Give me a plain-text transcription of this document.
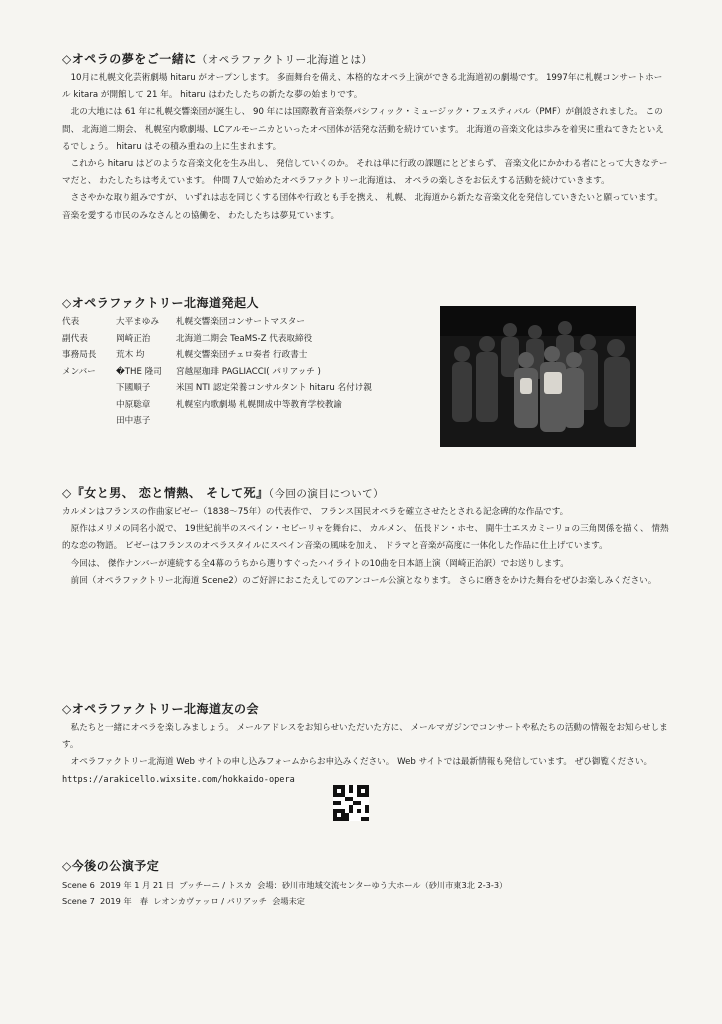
◇オペラの夢をご一緒に（オペラファクトリー北海道とは）

10月に札幌文化芸術劇場 hitaru がオープンします。 多面舞台を備え、本格的なオペラ上演ができる北海道初の劇場です。 1997年に札幌コンサートホール kitara が開館して 21 年。 hitaru はわたしたちの新たな夢の始まりです。

北の大地には 61 年に札幌交響楽団が誕生し、 90 年には国際教育音楽祭パシフィック・ミュージック・フェスティバル（PMF）が創設されました。 この間、 北海道二期会、 札幌室内歌劇場、LCアルモーニカといったオペ団体が活発な活動を続けています。 北海道の音楽文化は歩みを着実に重ねてきたといえるでしょう。 hitaru はその積み重ねの上に生まれます。

これから hitaru はどのような音楽文化を生み出し、 発信していくのか。 それは単に行政の課題にとどまらず、 音楽文化にかかわる者にとって大きなテーマだと、 わたしたちは考えています。 仲間 7人で始めたオペラファクトリー北海道は、 オペラの楽しさをお伝えする活動を続けていきます。

ささやかな取り組みですが、 いずれは志を同じくする団体や行政とも手を携え、 札幌、 北海道から新たな音楽文化を発信していきたいと願っています。 音楽を愛する市民のみなさんとの協働を、 わたしたちは夢見ています。

◇オペラファクトリー北海道発起人
代表	大平まゆみ	札幌交響楽団コンサートマスター
副代表	岡崎正治	北海道二期会 TeaMS-Z 代表取締役
事務局長	荒木 均	札幌交響楽団チェロ奏者 行政書士
メンバー	�THE 隆司	宮越屋珈琲 PAGLIACCI( パリアッチ )
	下國順子	米国 NTI 認定栄養コンサルタント hitaru 名付け親
	中原聡章	札幌室内歌劇場 札幌開成中等教育学校教諭
	田中恵子	
◇『女と男、 恋と情熱、 そして死』（今回の演目について）

カルメンはフランスの作曲家ビゼー（1838～75年）の代表作で、 フランス国民オペラを確立させたとされる記念碑的な作品です。

原作はメリメの同名小説で、 19世紀前半のスペイン・セビーリャを舞台に、 カルメン、 伍長ドン・ホセ、 闘牛士エスカミーリョの三角関係を描く、 情熱的な恋の物語。 ビゼーはフランスのオペラスタイルにスペイン音楽の風味を加え、 ドラマと音楽が高度に一体化した作品に仕上げています。

今回は、 傑作ナンバーが連続する全4幕のうちから選りすぐったハイライトの10曲を日本語上演（岡崎正治訳）でお送りします。

前回（オペラファクトリー北海道 Scene2）のご好評におこたえしてのアンコール公演となります。 さらに磨きをかけた舞台をぜひお楽しみください。

◇オペラファクトリー北海道友の会

私たちと一緒にオペラを楽しみましょう。 メールアドレスをお知らせいただいた方に、 メールマガジンでコンサートや私たちの活動の情報をお知らせします。

オペラファクトリー北海道 Web サイトの申し込みフォームからお申込みください。 Web サイトでは最新情報も発信しています。 ぜひ御覧ください。

https://arakicello.wixsite.com/hokkaido-opera

◇今後の公演予定

Scene 6 2019 年 1 月 21 日 プッチーニ / トスカ 会場：砂川市地域交流センターゆう大ホール（砂川市東3北 2-3-3）

Scene 7 2019 年　春 レオンカヴァッロ / パリアッチ 会場未定
